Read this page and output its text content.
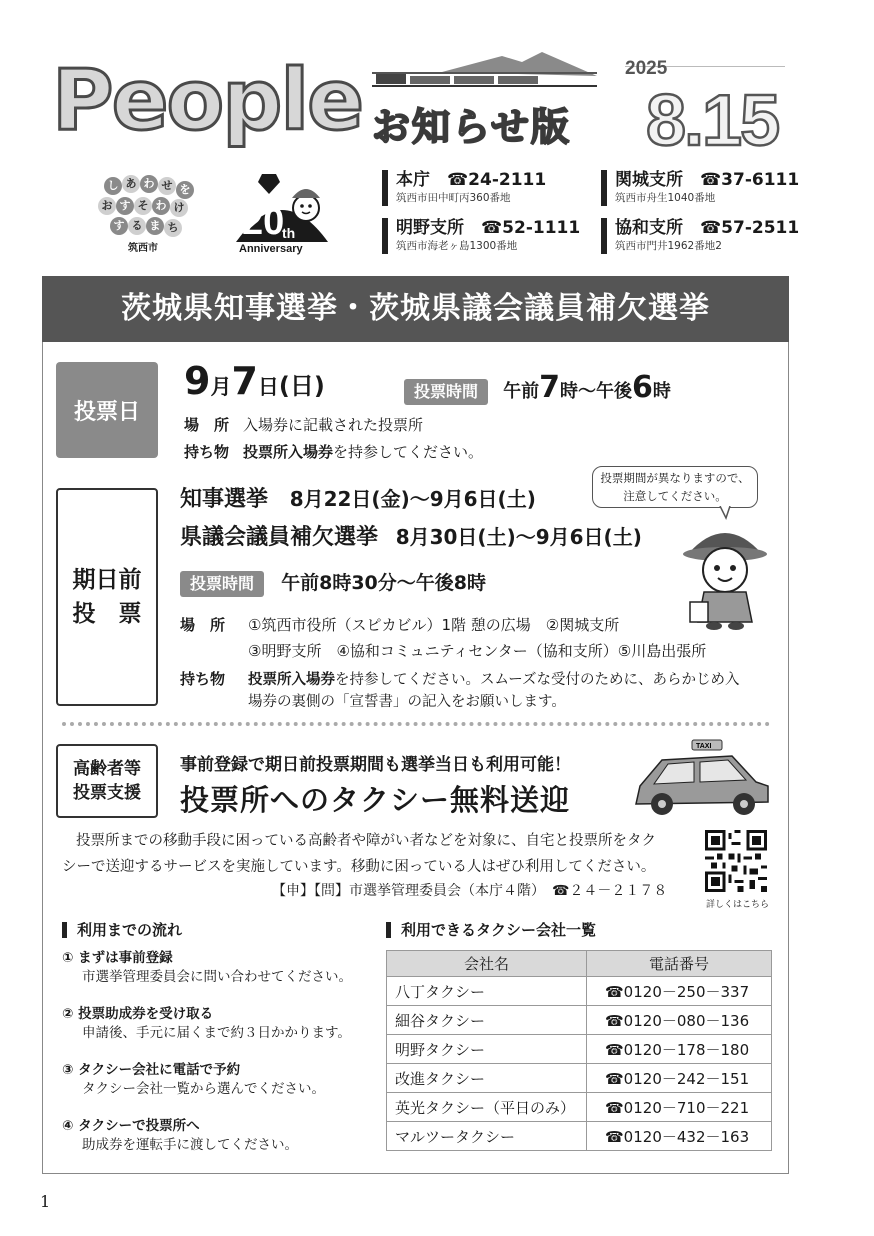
People お知らせ版
2025
8.15
し あ わ せ を
お す そ わ け
す る ま ち
筑西市
20
th
Anniversary
本庁　 ☎24-2111
筑西市田中町丙360番地
関城支所　 ☎37-6111
筑西市舟生1040番地
明野支所　 ☎52-1111
筑西市海老ヶ島1300番地
協和支所　 ☎57-2511
筑西市門井1962番地2
茨城県知事選挙・茨城県議会議員補欠選挙
投票日
9月7日(日)	投票時間 午前7時～午後6時
場　所 入場券に記載された投票所
持ち物 投票所入場券を持参してください。
期日前
投　票
投票期間が異なりますので、注意してください。
知事選挙 8月22日(金)～9月6日(土)
県議会議員補欠選挙 8月30日(土)～9月6日(土)
投票時間 午前8時30分～午後8時
場　所 ①筑西市役所（スピカビル）1階 憩の広場　②関城支所
③明野支所　④協和コミュニティセンター（協和支所）⑤川島出張所
持ち物 投票所入場券を持参してください。スムーズな受付のために、あらかじめ入
場券の裏側の「宣誓書」の記入をお願いします。
高齢者等
投票支援
事前登録で期日前投票期間も選挙当日も利用可能！
投票所へのタクシー無料送迎
TAXI
投票所までの移動手段に困っている高齢者や障がい者などを対象に、自宅と投票所をタク
シーで送迎するサービスを実施しています。移動に困っている人はぜひ利用してください。
【申】【問】市選挙管理委員会（本庁４階）　☎２４－２１７８
詳しくはこちら
利用までの流れ
① まずは事前登録
市選挙管理委員会に問い合わせてください。
② 投票助成券を受け取る
申請後、手元に届くまで約３日かかります。
③ タクシー会社に電話で予約
タクシー会社一覧から選んでください。
④ タクシーで投票所へ
助成券を運転手に渡してください。
利用できるタクシー会社一覧
会社名	電話番号
八丁タクシー	☎0120－250－337
細谷タクシー	☎0120－080－136
明野タクシー	☎0120－178－180
改進タクシー	☎0120－242－151
英光タクシー（平日のみ）	☎0120－710－221
マルツータクシー	☎0120－432－163
1
